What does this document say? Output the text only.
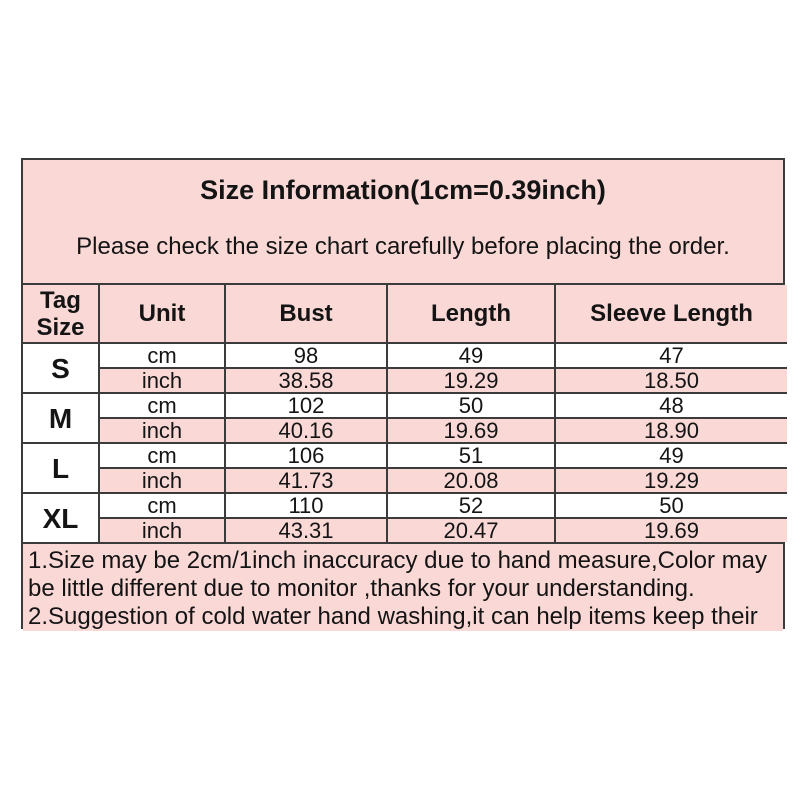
Size Information(1cm=0.39inch)
Please check the size chart carefully before placing the order.
Tag Size	Unit	Bust	Length	Sleeve Length
S	cm	98	49	47
	inch	38.58	19.29	18.50
M	cm	102	50	48
	inch	40.16	19.69	18.90
L	cm	106	51	49
	inch	41.73	20.08	19.29
XL	cm	110	52	50
	inch	43.31	20.47	19.69
1.Size may be 2cm/1inch inaccuracy due to hand measure,Color may be little different due to monitor ,thanks for your understanding.
2.Suggestion of cold water hand washing,it can help items keep their
